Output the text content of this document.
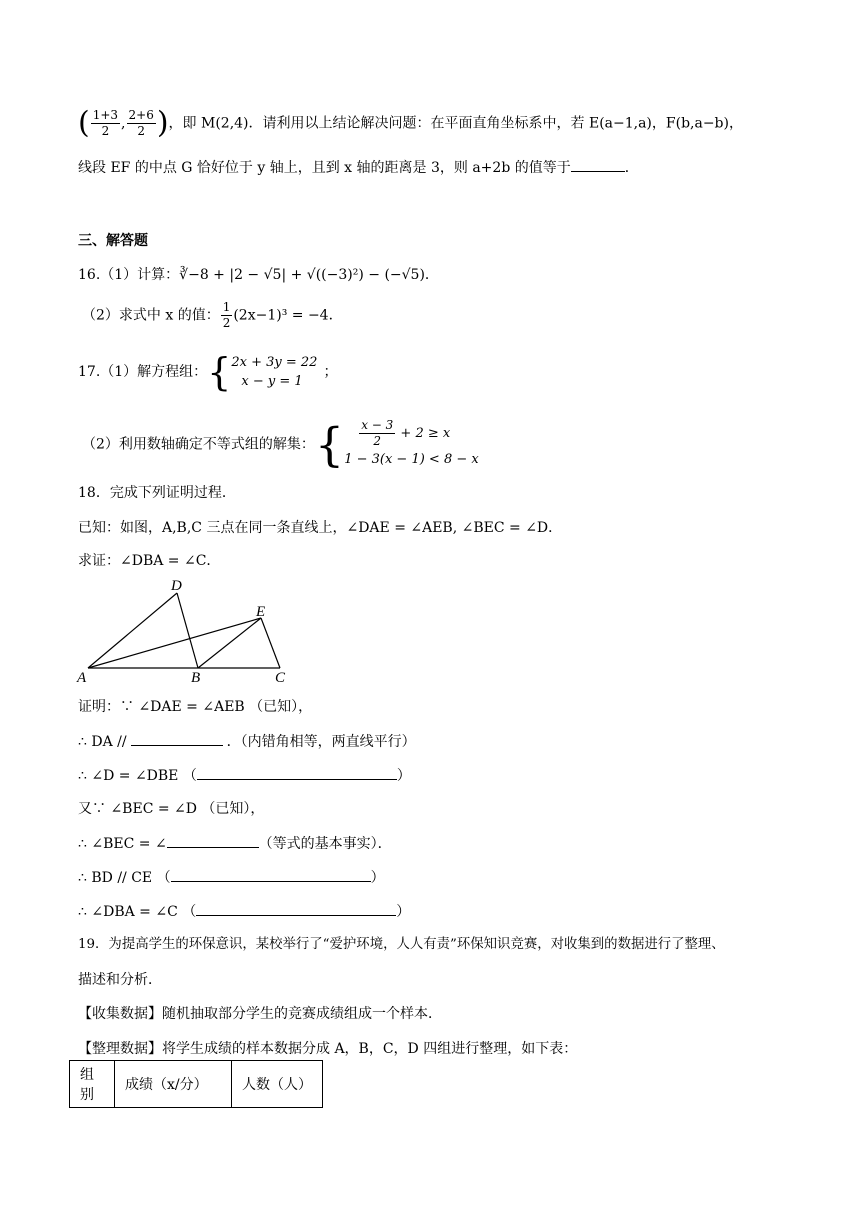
( $\frac{1+3}{2}$ , $\frac{2+6}{2}$ )，即 M(2,4)．请利用以上结论解决问题：在平面直角坐标系中，若 E(a−1,a)，F(b,a−b)，
线段 EF 的中点 G 恰好位于 y 轴上，且到 x 轴的距离是 3，则 a+2b 的值等于	．
三、解答题
16.（1）计算：∛−8 + |2 − √5| + √((−3)²) − (−√5)．
（2）求式中 x 的值： $\frac{1}{2} (2x-1)^3 = -4$．
17.（1）解方程组：{ 2x + 3y = 22
x − y = 1
；
（2）利用数轴确定不等式组的解集：{ $\frac{x - 3}{2} + 2 \ge x$
1 − 3(x − 1) < 8 − x
18．完成下列证明过程．
已知：如图，A,B,C 三点在同一条直线上，∠DAE = ∠AEB, ∠BEC = ∠D．
求证：∠DBA = ∠C．
D
E
A	B	C
证明：∵ ∠DAE = ∠AEB （已知），
∴ DA //	．（内错角相等，两直线平行）
∴ ∠D = ∠DBE （	）
又∵ ∠BEC = ∠D （已知），
∴ ∠BEC = ∠	（等式的基本事实）．
∴ BD // CE （	）
∴ ∠DBA = ∠C （	）
19．为提高学生的环保意识，某校举行了“爱护环境，人人有责”环保知识竞赛，对收集到的数据进行了整理、
描述和分析．
【收集数据】随机抽取部分学生的竞赛成绩组成一个样本．
【整理数据】将学生成绩的样本数据分成 A，B，C，D 四组进行整理，如下表：
组别	成绩（x/分）	人数（人）
